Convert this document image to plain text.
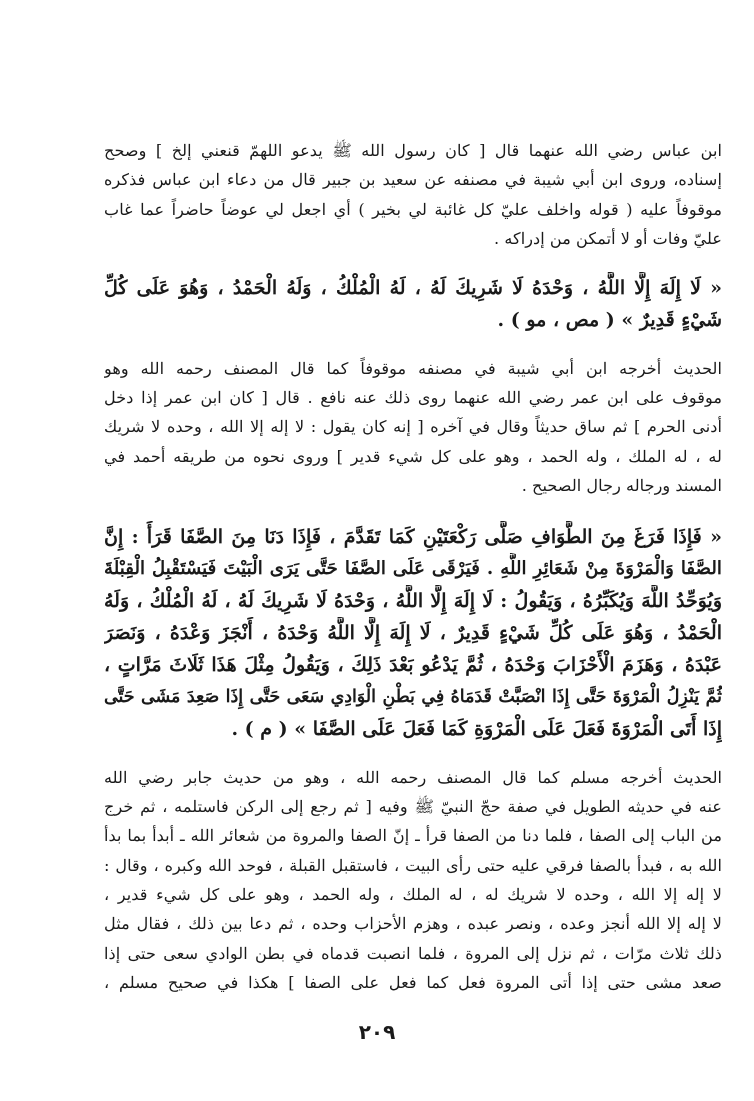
ابن عباس رضي الله عنهما قال [ كان رسول الله ﷺ يدعو اللهمّ قنعني إلخ ] وصحح
إسناده، وروى ابن أبي شيبة في مصنفه عن سعيد بن جبير قال من دعاء ابن عباس فذكره
موقوفاً عليه ( قوله واخلف عليّ كل غائبة لي بخير ) أي اجعل لي عوضاً حاضراً عما غاب
عليّ وفات أو لا أتمكن من إدراكه .
« لَا إِلَهَ إِلَّا اللَّهُ ، وَحْدَهُ لَا شَرِيكَ لَهُ ، لَهُ الْمُلْكُ ، وَلَهُ الْحَمْدُ ، وَهُوَ عَلَى كُلِّ
شَيْءٍ قَدِيرٌ » ( مص ، مو ) .
الحديث أخرجه ابن أبي شيبة في مصنفه موقوفاً كما قال المصنف رحمه الله وهو
موقوف على ابن عمر رضي الله عنهما روى ذلك عنه نافع . قال [ كان ابن عمر إذا دخل
أدنى الحرم ] ثم ساق حديثاً وقال في آخره [ إنه كان يقول : لا إله إلا الله ، وحده لا شريك
له ، له الملك ، وله الحمد ، وهو على كل شيء قدير ] وروى نحوه من طريقه أحمد في
المسند ورجاله رجال الصحيح .
« فَإِذَا فَرَغَ مِنَ الطَّوَافِ صَلَّى رَكْعَتَيْنِ كَمَا تَقَدَّمَ ، فَإِذَا دَنَا مِنَ الصَّفَا قَرَأَ : إِنَّ
الصَّفَا وَالْمَرْوَةَ مِنْ شَعَائِرِ اللَّهِ . فَيَرْقَى عَلَى الصَّفَا حَتَّى يَرَى الْبَيْتَ فَيَسْتَقْبِلُ الْقِبْلَةَ
وَيُوَحِّدُ اللَّهَ وَيُكَبِّرُهُ ، وَيَقُولُ : لَا إِلَهَ إِلَّا اللَّهُ ، وَحْدَهُ لَا شَرِيكَ لَهُ ، لَهُ الْمُلْكُ ، وَلَهُ
الْحَمْدُ ، وَهُوَ عَلَى كُلِّ شَيْءٍ قَدِيرٌ ، لَا إِلَهَ إِلَّا اللَّهُ وَحْدَهُ ، أَنْجَزَ وَعْدَهُ ، وَنَصَرَ
عَبْدَهُ ، وَهَزَمَ الْأَحْزَابَ وَحْدَهُ ، ثُمَّ يَدْعُو بَعْدَ ذَلِكَ ، وَيَقُولُ مِثْلَ هَذَا ثَلَاثَ مَرَّاتٍ ،
ثُمَّ يَنْزِلُ الْمَرْوَةَ حَتَّى إِذَا انْصَبَّتْ قَدَمَاهُ فِي بَطْنِ الْوَادِي سَعَى حَتَّى إِذَا صَعِدَ مَشَى حَتَّى
إِذَا أَتَى الْمَرْوَةَ فَعَلَ عَلَى الْمَرْوَةِ كَمَا فَعَلَ عَلَى الصَّفَا » ( م ) .
الحديث أخرجه مسلم كما قال المصنف رحمه الله ، وهو من حديث جابر رضي الله
عنه في حديثه الطويل في صفة حجّ النبيّ ﷺ وفيه [ ثم رجع إلى الركن فاستلمه ، ثم خرج
من الباب إلى الصفا ، فلما دنا من الصفا قرأ ـ إنّ الصفا والمروة من شعائر الله ـ أبدأ بما بدأ
الله به ، فبدأ بالصفا فرقي عليه حتى رأى البيت ، فاستقبل القبلة ، فوحد الله وكبره ، وقال :
لا إله إلا الله ، وحده لا شريك له ، له الملك ، وله الحمد ، وهو على كل شيء قدير ،
لا إله إلا الله أنجز وعده ، ونصر عبده ، وهزم الأحزاب وحده ، ثم دعا بين ذلك ، فقال مثل
ذلك ثلاث مرّات ، ثم نزل إلى المروة ، فلما انصبت قدماه في بطن الوادي سعى حتى إذا
صعد مشى حتى إذا أتى المروة فعل كما فعل على الصفا ] هكذا في صحيح مسلم ،
٢٠٩
